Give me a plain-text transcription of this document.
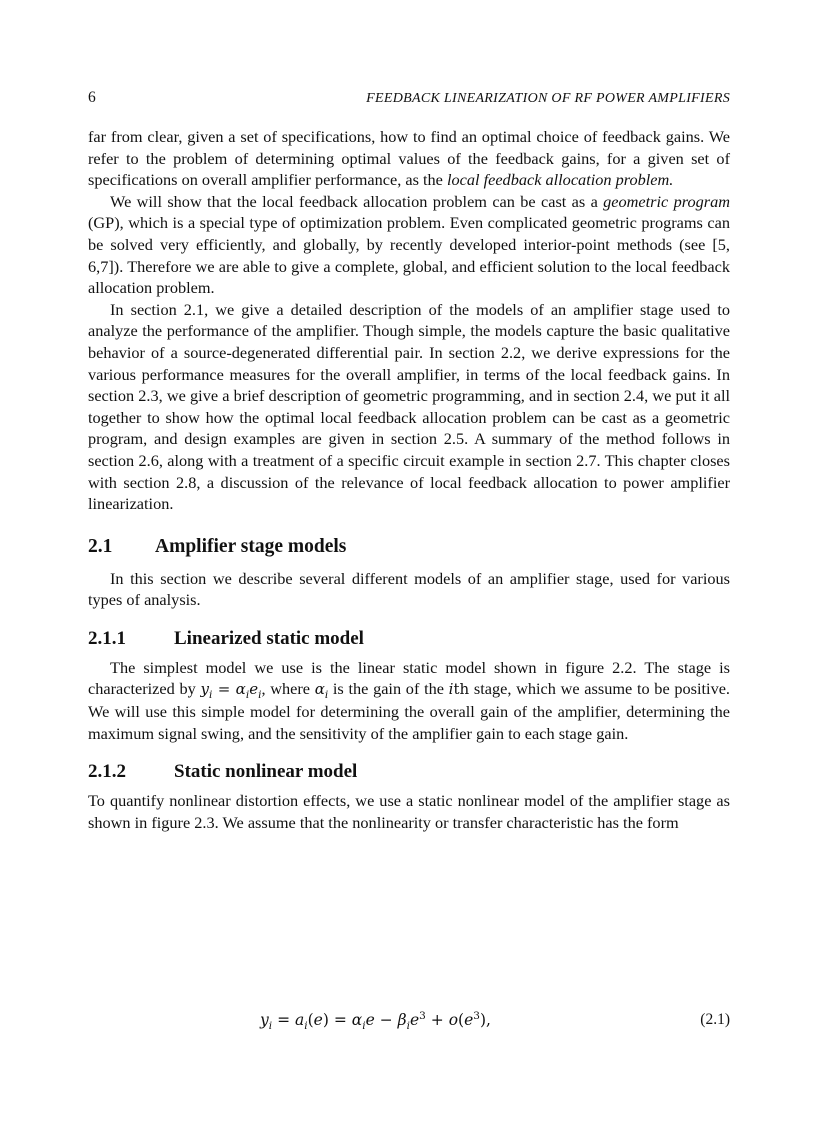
6	FEEDBACK LINEARIZATION OF RF POWER AMPLIFIERS

far from clear, given a set of specifications, how to find an optimal choice of feedback gains. We refer to the problem of determining optimal values of the feedback gains, for a given set of specifications on overall amplifier performance, as the local feedback allocation problem.

We will show that the local feedback allocation problem can be cast as a geometric program (GP), which is a special type of optimization problem. Even complicated geometric programs can be solved very efficiently, and globally, by recently developed interior-point methods (see [5, 6,7]). Therefore we are able to give a complete, global, and efficient solution to the local feedback allocation problem.

In section 2.1, we give a detailed description of the models of an amplifier stage used to analyze the performance of the amplifier. Though simple, the models capture the basic qualitative behavior of a source-degenerated differential pair. In section 2.2, we derive expressions for the various performance measures for the overall amplifier, in terms of the local feedback gains. In section 2.3, we give a brief description of geometric programming, and in section 2.4, we put it all together to show how the optimal local feedback allocation problem can be cast as a geometric program, and design examples are given in section 2.5. A summary of the method follows in section 2.6, along with a treatment of a specific circuit example in section 2.7. This chapter closes with section 2.8, a discussion of the relevance of local feedback allocation to power amplifier linearization.

2.1 Amplifier stage models

In this section we describe several different models of an amplifier stage, used for various types of analysis.

2.1.1	Linearized static model

The simplest model we use is the linear static model shown in figure 2.2. The stage is characterized by $y_i = \alpha_ie_i$, where $\alpha_i$ is the gain of the ith stage, which we assume to be positive. We will use this simple model for determining the overall gain of the amplifier, determining the maximum signal swing, and the sensitivity of the amplifier gain to each stage gain.

2.1.2	Static nonlinear model

To quantify nonlinear distortion effects, we use a static nonlinear model of the amplifier stage as shown in figure 2.3. We assume that the nonlinearity or transfer characteristic has the form

$y_i = a_i(e) = \alpha_ie - \beta_ie^3 + o(e^3)$,	(2.1)
